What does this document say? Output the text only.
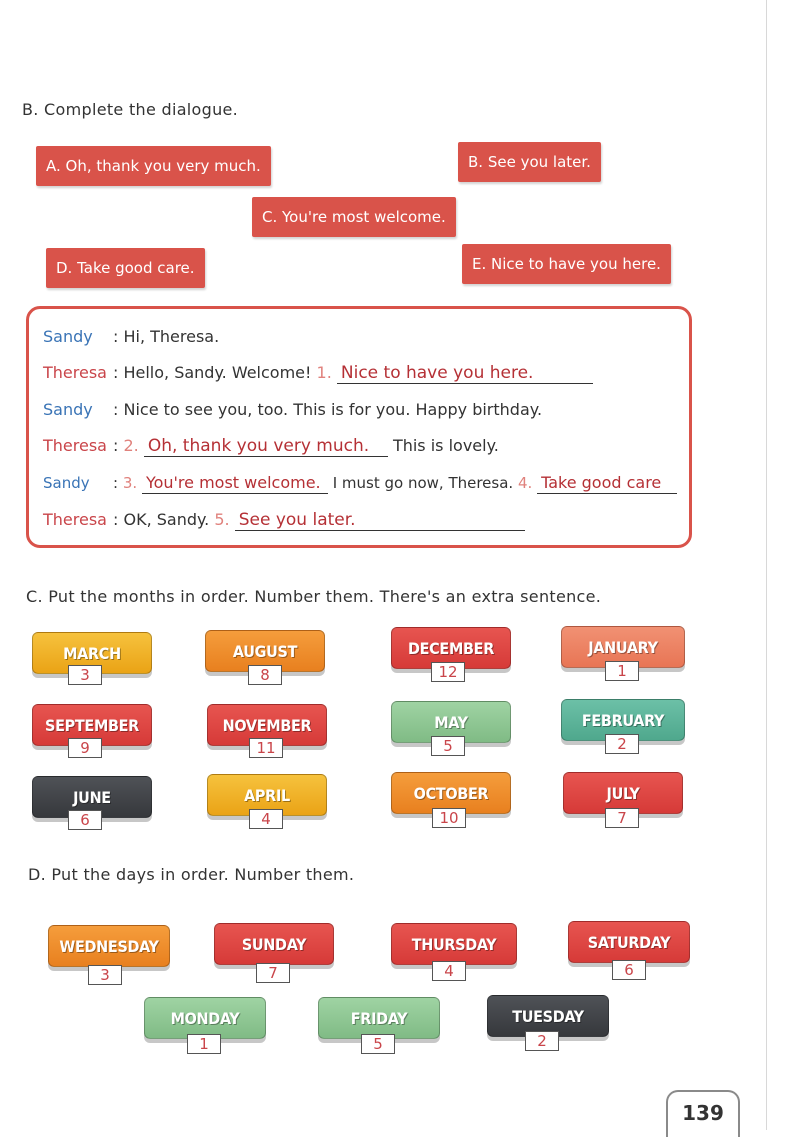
B. Complete the dialogue.
A. Oh, thank you very much.	B. See you later.
C. You're most welcome.
D. Take good care.	E. Nice to have you here.
Sandy : Hi, Theresa.
Theresa : Hello, Sandy. Welcome! 1. Nice to have you here.
Sandy : Nice to see you, too. This is for you. Happy birthday.
Theresa : 2. Oh, thank you very much. This is lovely.
Sandy : 3. You're most welcome. I must go now, Theresa. 4. Take good care
Theresa : OK, Sandy. 5. See you later.
C. Put the months in order. Number them. There's an extra sentence.
MARCH
3
AUGUST
8
DECEMBER
12
JANUARY
1
SEPTEMBER
9
NOVEMBER
11
MAY
5
FEBRUARY
2
JUNE
6
APRIL
4
OCTOBER
10
JULY
7
D. Put the days in order. Number them.
WEDNESDAY
3
SUNDAY
7
THURSDAY
4
SATURDAY
6
MONDAY
1
FRIDAY
5
TUESDAY
2
139
